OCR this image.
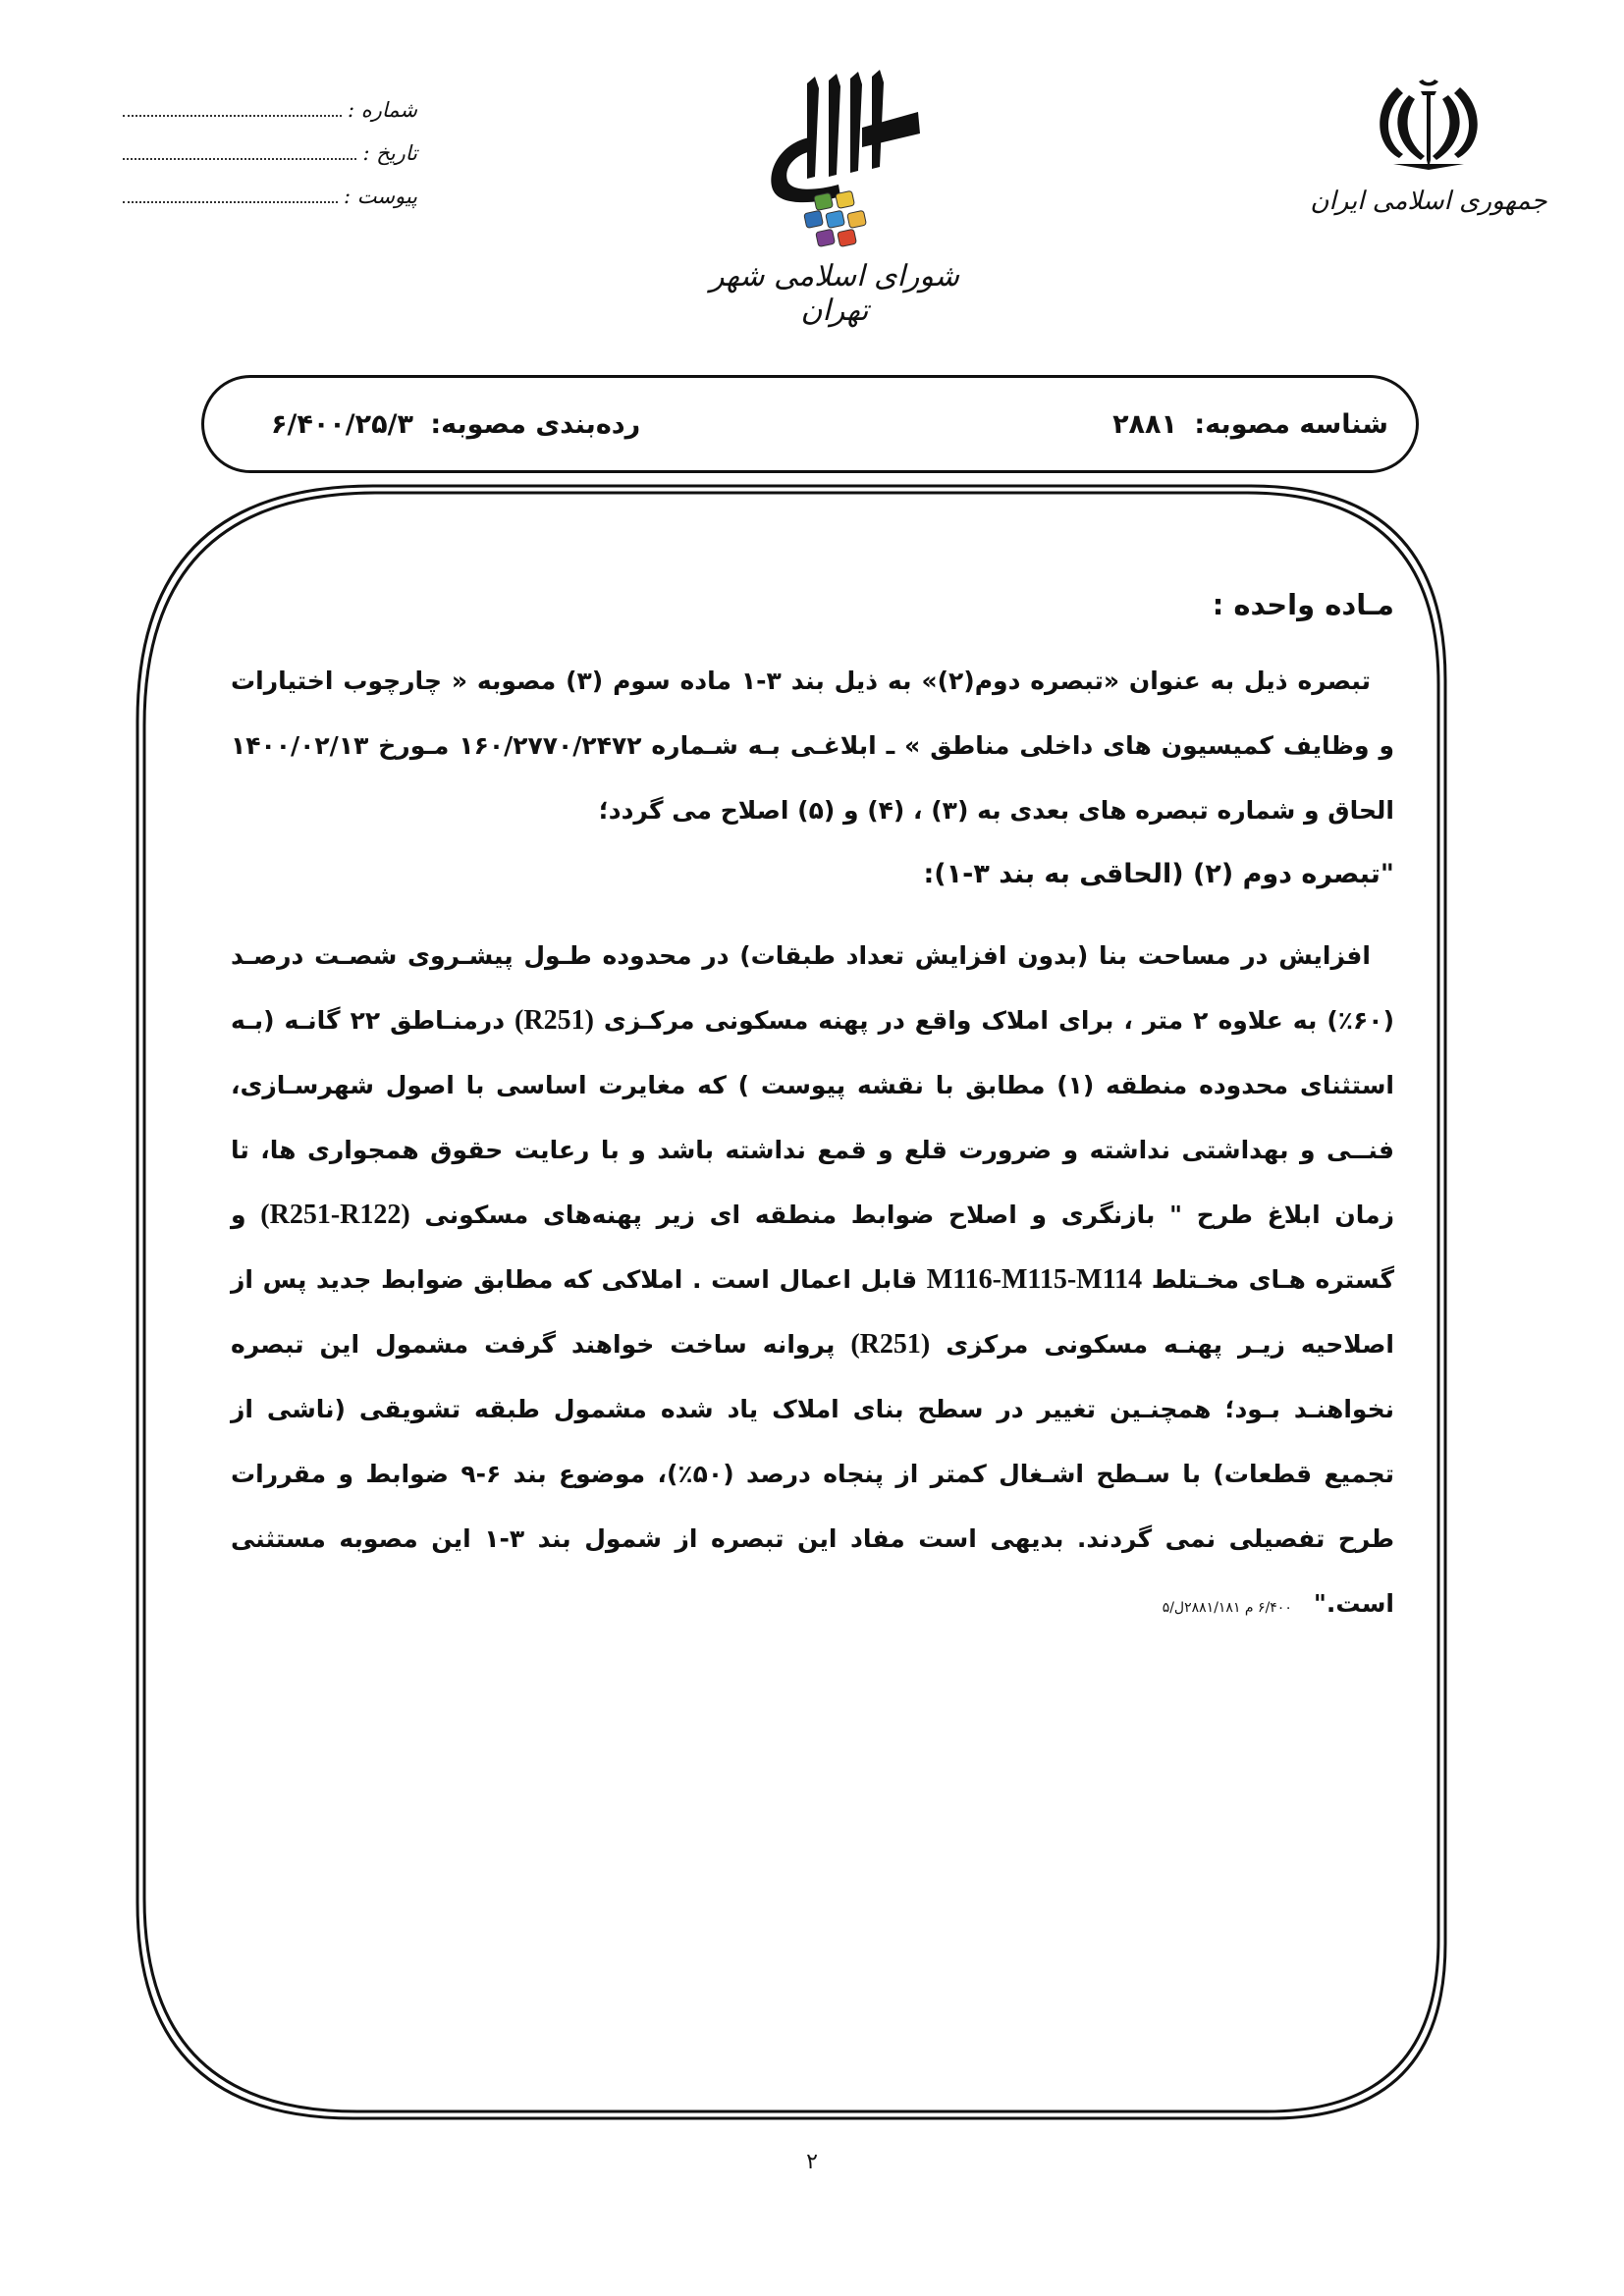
شماره :
تاریخ :
پیوست :
شورای اسلامی شهر تهران
جمهوری اسلامی ایران
شناسه مصوبه: ۲۸۸۱
رده‌بندی مصوبه: ۶/۴۰۰/۲۵/۳
مـاده واحده :

تبصره ذیل به عنوان «تبصره دوم(۲)» به ذیل بند ۳-۱ ماده سوم (۳) مصوبه « چارچوب اختیارات و وظایف کمیسیون های داخلی مناطق » ـ ابلاغـی بـه شـماره ۱۶۰/۲۷۷۰/۲۴۷۲ مـورخ ۱۴۰۰/۰۲/۱۳ الحاق و شماره تبصره های بعدی به (۳) ، (۴) و (۵) اصلاح می گردد؛

"تبصره دوم (۲) (الحاقی به بند ۳-۱):

افزایش در مساحت بنا (بدون افزایش تعداد طبقات) در محدوده طـول پیشـروی شصـت درصـد (۶۰٪) به علاوه ۲ متر ، برای املاک واقع در پهنه مسکونی مرکـزی (R251) درمنـاطق ۲۲ گانـه (بـه استثنای محدوده منطقه (۱) مطابق با نقشه پیوست ) که مغایرت اساسی با اصول شهرسـازی، فنــی و بهداشتی نداشته و ضرورت قلع و قمع نداشته باشد و با رعایت حقوق همجواری ها، تا زمان ابلاغ طرح " بازنگری و اصلاح ضوابط منطقه ای زیر پهنه‌های مسکونی (R251-R122) و گستره هـای مخـتلط M116-M115-M114 قابل اعمال است . املاکی که مطابق ضوابط جدید پس از اصلاحیه زیـر پهنـه مسکونی مرکزی (R251) پروانه ساخت خواهند گرفت مشمول این تبصره نخواهنـد بـود؛ همچنـین تغییر در سطح بنای املاک یاد شده مشمول طبقه تشویقی (ناشی از تجمیع قطعات) با سـطح اشـغال کمتر از پنجاه درصد (۵۰٪)، موضوع بند ۶-۹ ضوابط و مقررات طرح تفصیلی نمی گردند. بدیهی است مفاد این تبصره از شمول بند ۳-۱ این مصوبه مستثنی است."۶/۴۰۰ م ۲۸۸۱/۱۸۱ل/۵

۲
